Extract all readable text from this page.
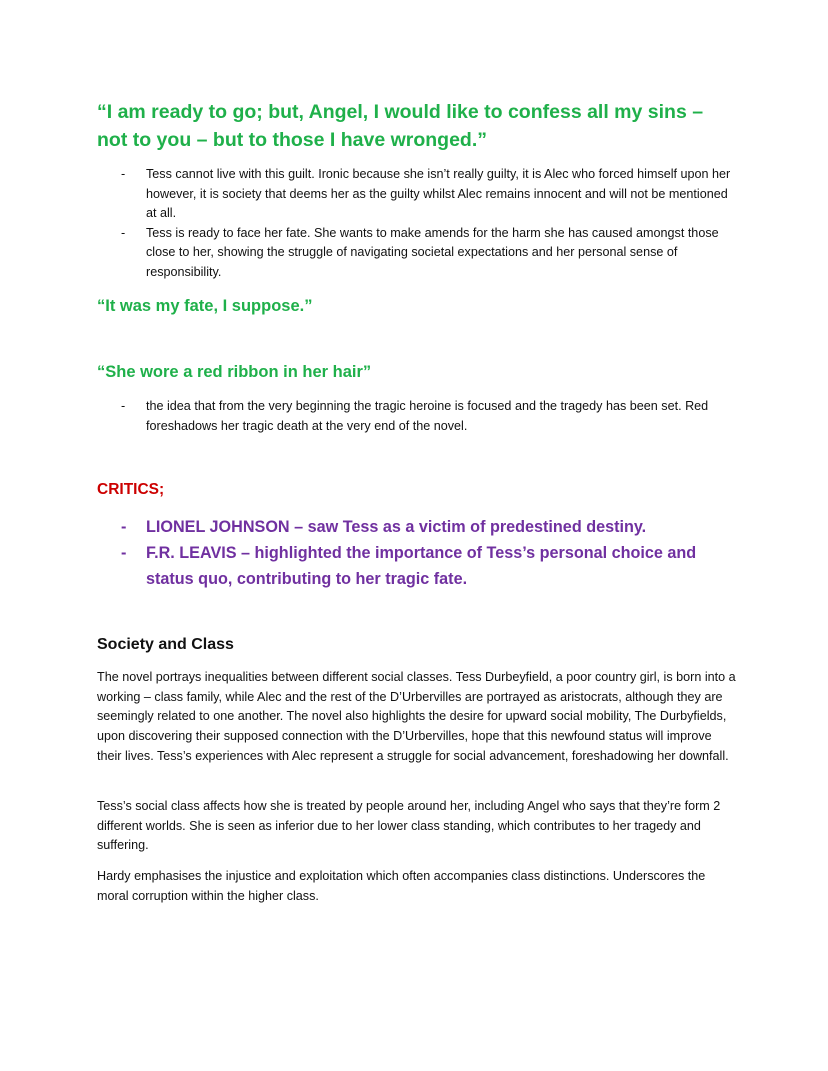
“I am ready to go; but, Angel, I would like to confess all my sins – not to you – but to those I have wronged.”
- Tess cannot live with this guilt. Ironic because she isn’t really guilty, it is Alec who forced himself upon her however, it is society that deems her as the guilty whilst Alec remains innocent and will not be mentioned at all.
- Tess is ready to face her fate. She wants to make amends for the harm she has caused amongst those close to her, showing the struggle of navigating societal expectations and her personal sense of responsibility.
“It was my fate, I suppose.”
“She wore a red ribbon in her hair”
- the idea that from the very beginning the tragic heroine is focused and the tragedy has been set. Red foreshadows her tragic death at the very end of the novel.
CRITICS;
- LIONEL JOHNSON – saw Tess as a victim of predestined destiny.
- F.R. LEAVIS – highlighted the importance of Tess’s personal choice and status quo, contributing to her tragic fate.
Society and Class

The novel portrays inequalities between different social classes. Tess Durbeyfield, a poor country girl, is born into a working – class family, while Alec and the rest of the D’Urbervilles are portrayed as aristocrats, although they are seemingly related to one another. The novel also highlights the desire for upward social mobility, The Durbyfields, upon discovering their supposed connection with the D’Urbervilles, hope that this newfound status will improve their lives. Tess’s experiences with Alec represent a struggle for social advancement, foreshadowing her downfall.

Tess’s social class affects how she is treated by people around her, including Angel who says that they’re form 2 different worlds. She is seen as inferior due to her lower class standing, which contributes to her tragedy and suffering.

Hardy emphasises the injustice and exploitation which often accompanies class distinctions. Underscores the moral corruption within the higher class.
